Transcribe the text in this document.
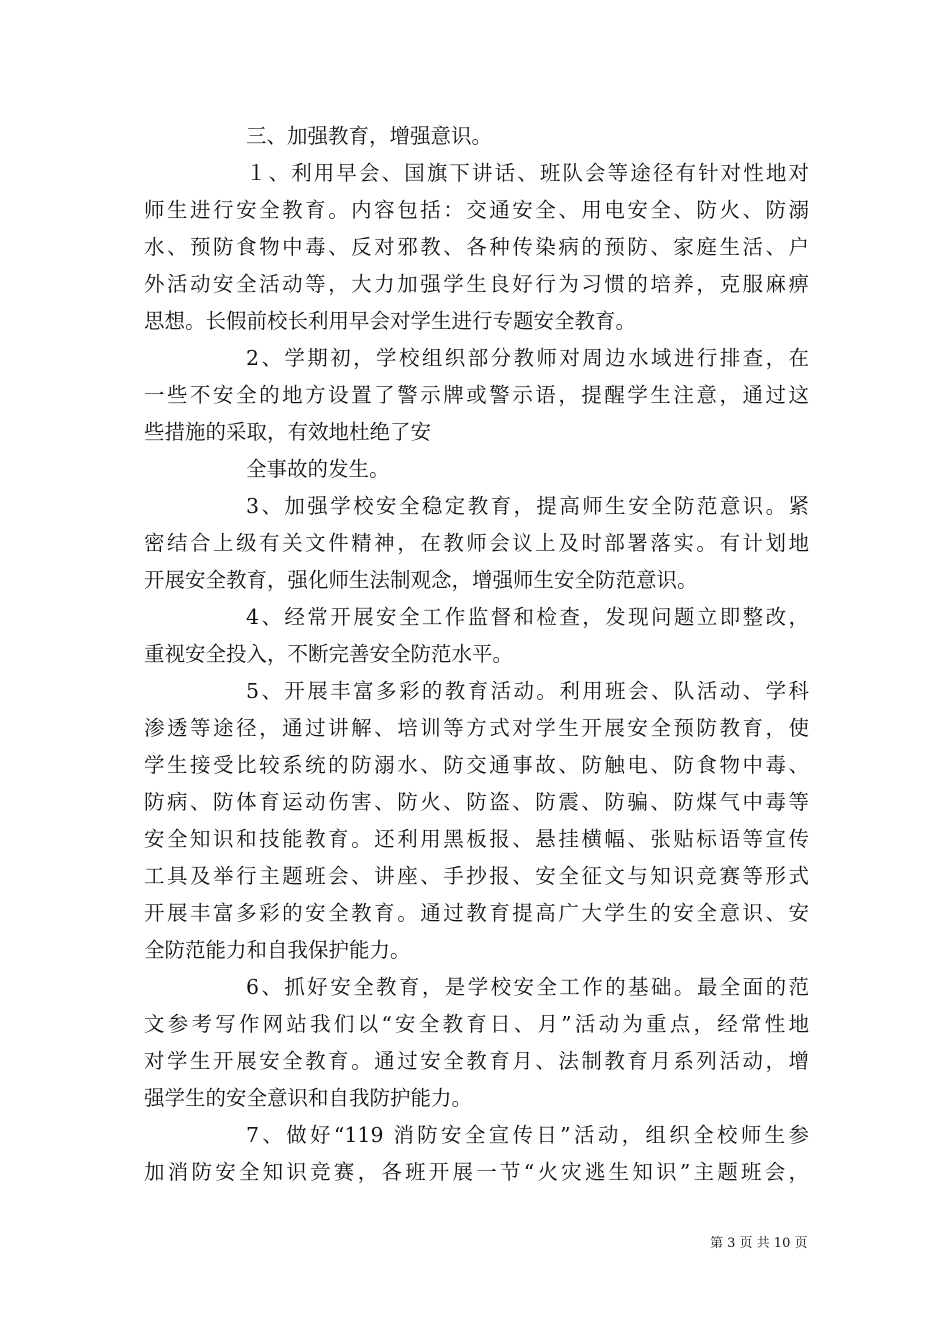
三、加强教育，增强意识。
１、利用早会、国旗下讲话、班队会等途径有针对性地对
师生进行安全教育。内容包括：交通安全、用电安全、防火、防溺
水、预防食物中毒、反对邪教、各种传染病的预防、家庭生活、户
外活动安全活动等，大力加强学生良好行为习惯的培养，克服麻痹
思想。长假前校长利用早会对学生进行专题安全教育。
2、学期初，学校组织部分教师对周边水域进行排查，在
一些不安全的地方设置了警示牌或警示语，提醒学生注意，通过这
些措施的采取，有效地杜绝了安
全事故的发生。
3、加强学校安全稳定教育，提高师生安全防范意识。紧
密结合上级有关文件精神，在教师会议上及时部署落实。有计划地
开展安全教育，强化师生法制观念，增强师生安全防范意识。
4、经常开展安全工作监督和检查，发现问题立即整改，
重视安全投入，不断完善安全防范水平。
5、开展丰富多彩的教育活动。利用班会、队活动、学科
渗透等途径，通过讲解、培训等方式对学生开展安全预防教育，使
学生接受比较系统的防溺水、防交通事故、防触电、防食物中毒、
防病、防体育运动伤害、防火、防盗、防震、防骗、防煤气中毒等
安全知识和技能教育。还利用黑板报、悬挂横幅、张贴标语等宣传
工具及举行主题班会、讲座、手抄报、安全征文与知识竞赛等形式
开展丰富多彩的安全教育。通过教育提高广大学生的安全意识、安
全防范能力和自我保护能力。
6、抓好安全教育，是学校安全工作的基础。最全面的范
文参考写作网站我们以“安全教育日、月”活动为重点，经常性地
对学生开展安全教育。通过安全教育月、法制教育月系列活动，增
强学生的安全意识和自我防护能力。
7、做好“119 消防安全宣传日”活动，组织全校师生参
加消防安全知识竞赛，各班开展一节“火灾逃生知识”主题班会，
第 3 页 共 10 页
